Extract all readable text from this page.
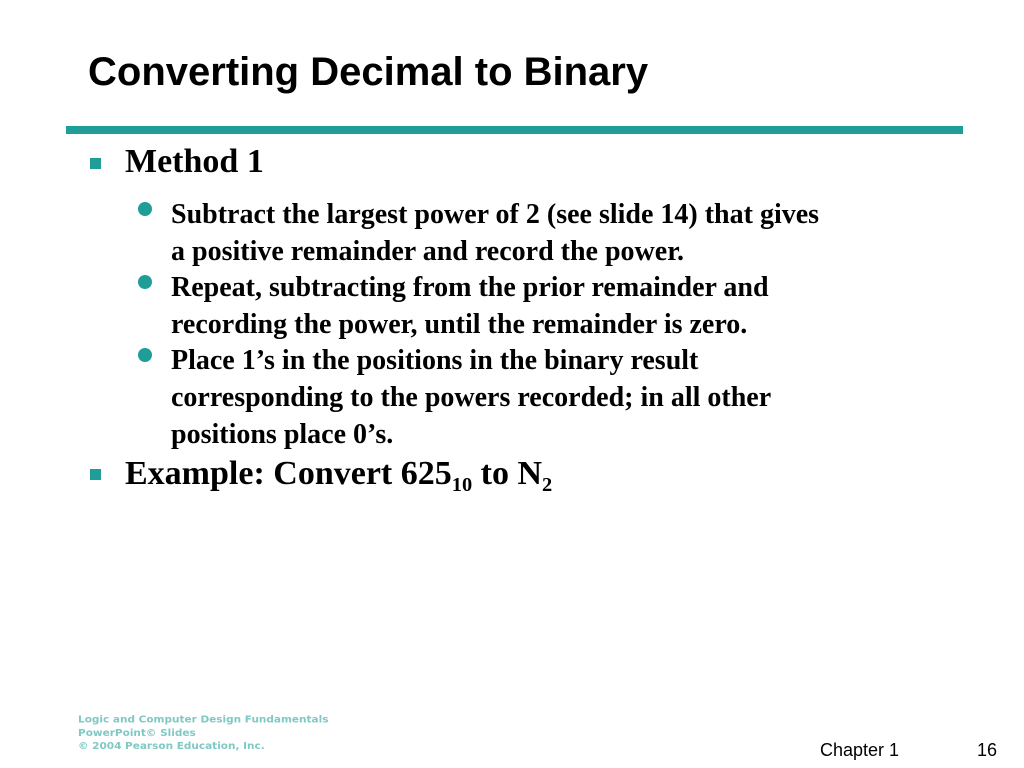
Converting Decimal to Binary
Method 1
Subtract the largest power of 2 (see slide 14) that gives
a positive remainder and record the power.
Repeat, subtracting from the prior remainder and
recording the power, until the remainder is zero.
Place 1’s in the positions in the binary result
corresponding to the powers recorded; in all other
positions place 0’s.
Example: Convert $625_{10}$ to $N_2$
Logic and Computer Design Fundamentals
PowerPoint© Slides
© 2004 Pearson Education, Inc.	Chapter 1	16
